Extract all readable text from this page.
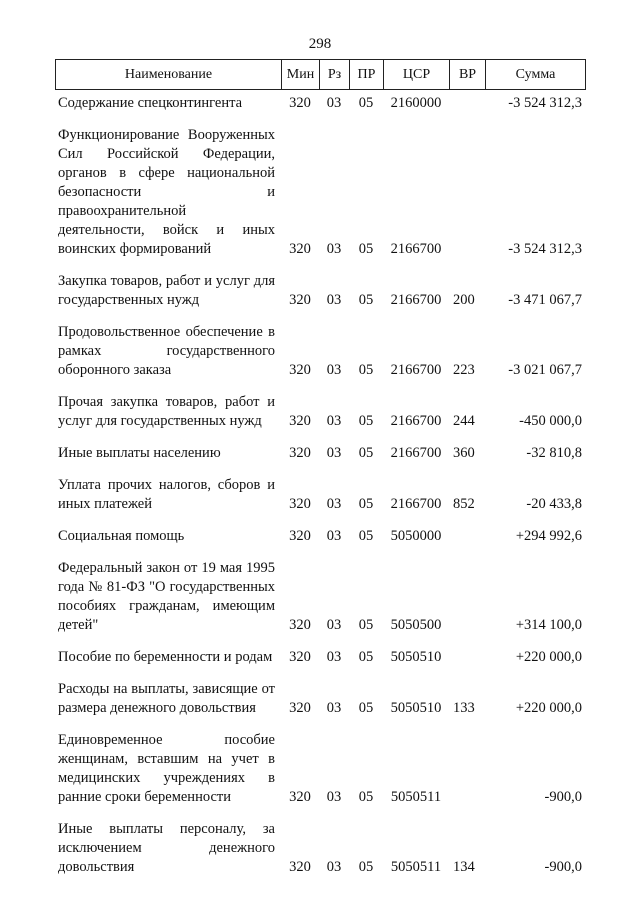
298
Наименование	Мин	Рз	ПР	ЦСР	ВР	Сумма
Содержание спецконтингента	320	03	05	2160000		-3 524 312,3
Функционирование Вооруженных Сил Российской Федерации, органов в сфере национальной безопасности и правоохранительной деятельности, войск и иных воинских формирований	320	03	05	2166700		-3 524 312,3
Закупка товаров, работ и услуг для государственных нужд	320	03	05	2166700	200	-3 471 067,7
Продовольственное обеспечение в рамках государственного оборонного заказа	320	03	05	2166700	223	-3 021 067,7
Прочая закупка товаров, работ и услуг для государственных нужд	320	03	05	2166700	244	-450 000,0
Иные выплаты населению	320	03	05	2166700	360	-32 810,8
Уплата прочих налогов, сборов и иных платежей	320	03	05	2166700	852	-20 433,8
Социальная помощь	320	03	05	5050000		+294 992,6
Федеральный закон от 19 мая 1995 года № 81-ФЗ "О государственных пособиях гражданам, имеющим детей"	320	03	05	5050500		+314 100,0
Пособие по беременности и родам	320	03	05	5050510		+220 000,0
Расходы на выплаты, зависящие от размера денежного довольствия	320	03	05	5050510	133	+220 000,0
Единовременное пособие женщинам, вставшим на учет в медицинских учреждениях в ранние сроки беременности	320	03	05	5050511		-900,0
Иные выплаты персоналу, за исключением денежного довольствия	320	03	05	5050511	134	-900,0
